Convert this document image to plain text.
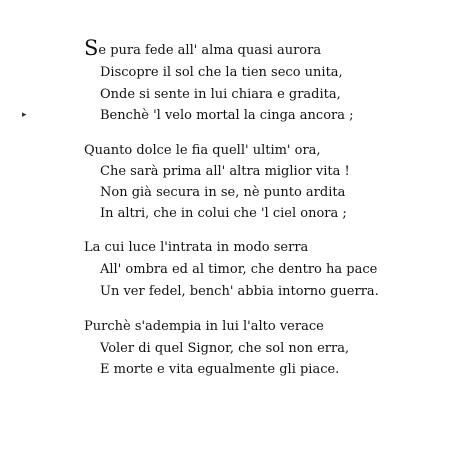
▸
Se pura fede all' alma quasi aurora
Discopre il sol che la tien seco unita,
Onde si sente in lui chiara e gradita,
Benchè 'l velo mortal la cinga ancora ;
Quanto dolce le fia quell' ultim' ora,
Che sarà prima all' altra miglior vita !
Non già secura in se, nè punto ardita
In altri, che in colui che 'l ciel onora ;
La cui luce l'intrata in modo serra
All' ombra ed al timor, che dentro ha pace
Un ver fedel, bench' abbia intorno guerra.
Purchè s'adempia in lui l'alto verace
Voler di quel Signor, che sol non erra,
E morte e vita egualmente gli piace.
